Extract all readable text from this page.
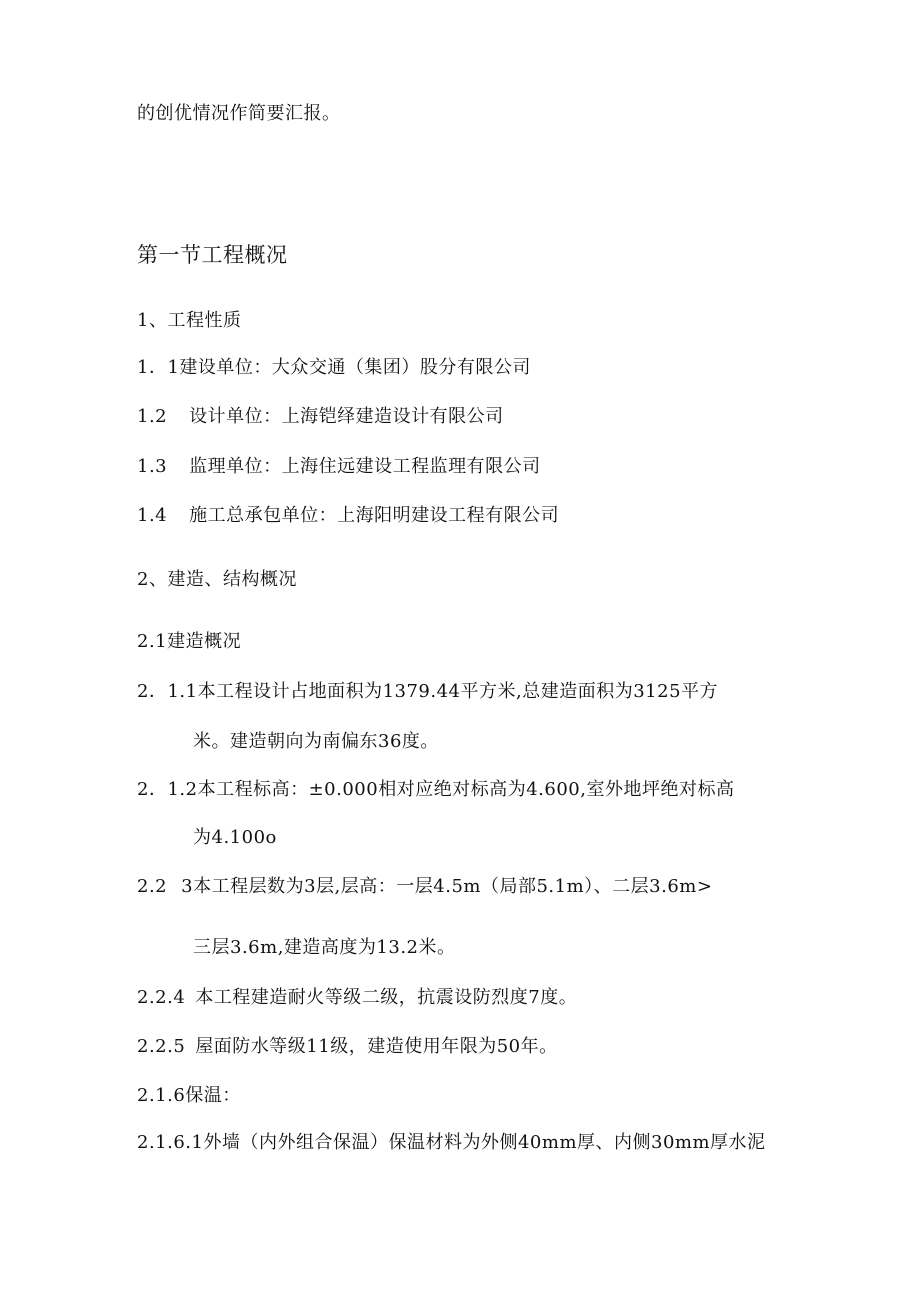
的创优情况作简要汇报。
第一节工程概况
1、工程性质
1．1建设单位：大众交通（集团）股分有限公司
1.2 设计单位：上海铠绎建造设计有限公司
1.3 监理单位：上海住远建设工程监理有限公司
1.4 施工总承包单位：上海阳明建设工程有限公司
2、建造、结构概况
2.1建造概况
2．1.1本工程设计占地面积为1379.44平方米,总建造面积为3125平方
米。建造朝向为南偏东36度。
2．1.2本工程标高：±0.000相对应绝对标高为4.600,室外地坪绝对标高
为4.100o
2.2 3本工程层数为3层,层高：一层4.5m（局部5.1m）、二层3.6m>
三层3.6m,建造高度为13.2米。
2.2.4 本工程建造耐火等级二级，抗震设防烈度7度。
2.2.5 屋面防水等级11级，建造使用年限为50年。
2.1.6保温：
2.1.6.1外墙（内外组合保温）保温材料为外侧40mm厚、内侧30mm厚水泥
